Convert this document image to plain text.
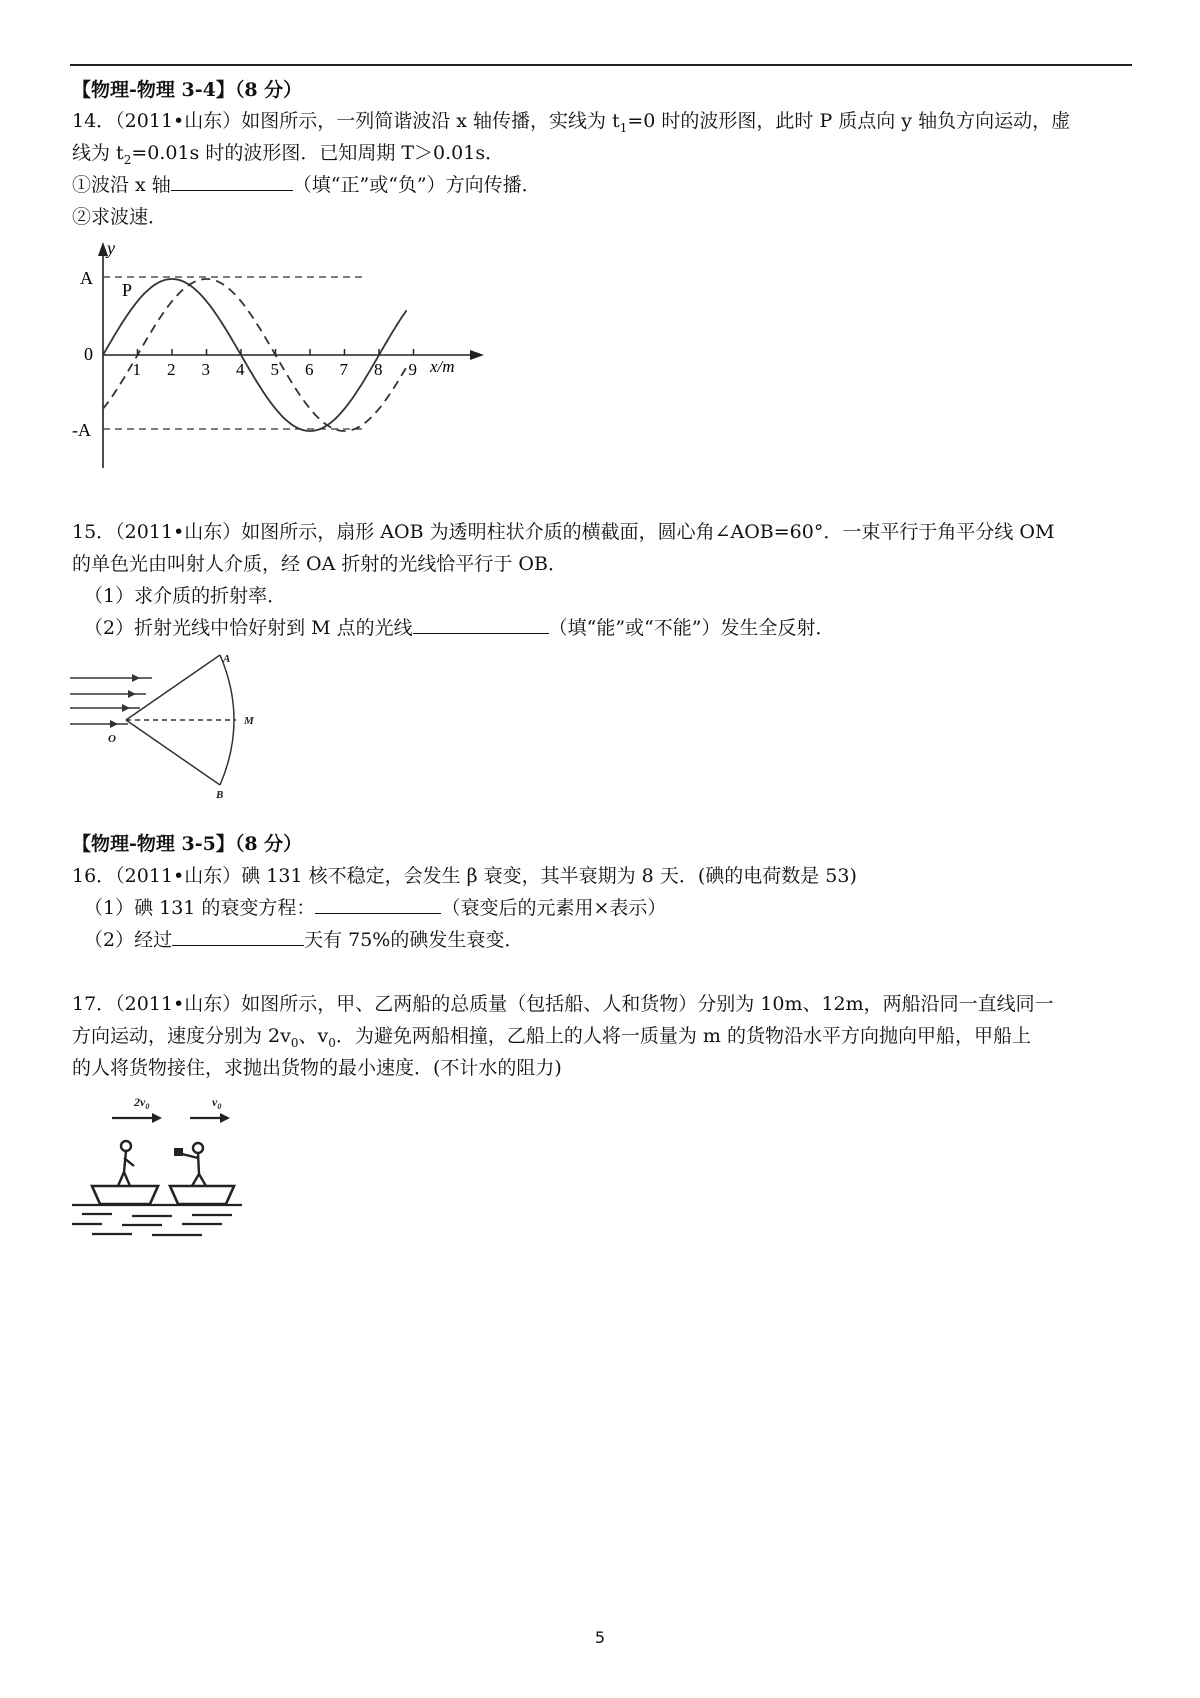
【物理-物理 3-4】（8 分）
14．（2011•山东）如图所示，一列简谐波沿 x 轴传播，实线为 $t_1=0$ 时的波形图，此时 P 质点向 y 轴负方向运动，虚
线为 $t_2=0.01s$ 时的波形图．已知周期 T＞0.01s．
①波沿 x 轴	（填“正”或“负”）方向传播．
②求波速．
1 2 3 4 5 6 7 8 9
y
x/m
A
-A
0
P
15．（2011•山东）如图所示，扇形 AOB 为透明柱状介质的横截面，圆心角∠AOB=60°．一束平行于角平分线 OM
的单色光由叫射人介质，经 OA 折射的光线恰平行于 OB．
（1）求介质的折射率．
（2）折射光线中恰好射到 M 点的光线	（填“能”或“不能”）发生全反射．
A
O
M
B
【物理-物理 3-5】（8 分）
16．（2011•山东）碘 131 核不稳定，会发生 β 衰变，其半衰期为 8 天．(碘的电荷数是 53)
（1）碘 131 的衰变方程：	（衰变后的元素用×表示）
（2）经过	天有 75%的碘发生衰变．
17．（2011•山东）如图所示，甲、乙两船的总质量（包括船、人和货物）分别为 10m、12m，两船沿同一直线同一
方向运动，速度分别为 $2v_0$、$v_0$．为避免两船相撞，乙船上的人将一质量为 m 的货物沿水平方向抛向甲船，甲船上
的人将货物接住，求抛出货物的最小速度．(不计水的阻力)
$2v_0$	$v_0$
5
